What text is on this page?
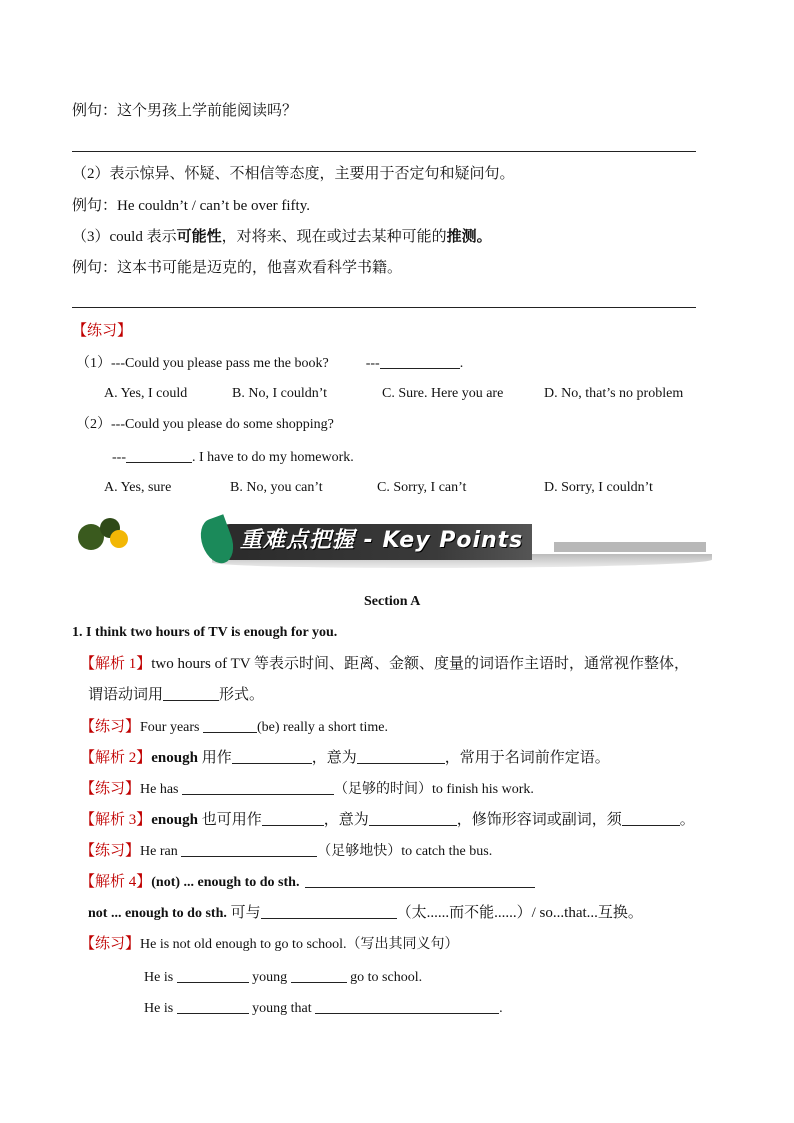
例句：这个男孩上学前能阅读吗？
（2）表示惊异、怀疑、不相信等态度，主要用于否定句和疑问句。
例句：He couldn’t / can’t be over fifty.
（3）could 表示可能性，对将来、现在或过去某种可能的推测。
例句：这本书可能是迈克的，他喜欢看科学书籍。
【练习】
（1）---Could you please pass me the book?	---	.
A. Yes, I could	B. No, I couldn’t	C. Sure. Here you are	D. No, that’s no problem
（2）---Could you please do some shopping?
---	. I have to do my homework.
A. Yes, sure	B. No, you can’t	C. Sorry, I can’t	D. Sorry, I couldn’t
重难点把握 - Key Points
Section A
1. I think two hours of TV is enough for you.
【解析 1】two hours of TV 等表示时间、距离、金额、度量的词语作主语时，通常视作整体，
谓语动词用	形式。
【练习】Four years	(be) really a short time.
【解析 2】enough 用作	，意为	，常用于名词前作定语。
【练习】He has	（足够的时间）to finish his work.
【解析 3】enough 也可用作	，意为	，修饰形容词或副词，须	。
【练习】He ran	（足够地快）to catch the bus.
【解析 4】(not) ... enough to do sth.
not ... enough to do sth. 可与	（太......而不能......）/ so...that...互换。
【练习】He is not old enough to go to school.（写出其同义句）
He is	young	go to school.
He is	young that	.
